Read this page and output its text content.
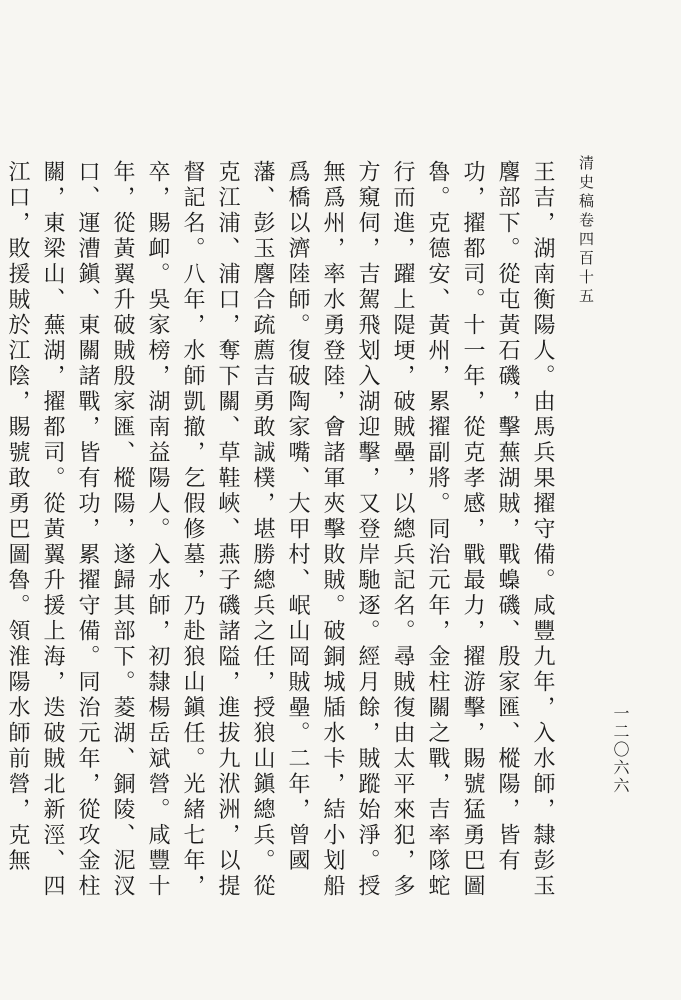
清史稿卷四百十五
一二〇六六

王吉，湖南衡陽人。由馬兵果擢守備。咸豐九年，入水師，隸彭玉麐部下。從屯黃石磯，擊蕪湖賊，戰蟂磯、殷家匯、樅陽，皆有功，擢都司。十一年，從克孝感，戰最力，擢游擊，賜號猛勇巴圖魯。克德安、黃州，累擢副將。同治元年，金柱關之戰，吉率隊蛇行而進，躍上隄埂，破賊壘，以總兵記名。尋賊復由太平來犯，多方窺伺，吉駕飛划入湖迎擊，又登岸馳逐。經月餘，賊蹤始淨。授無爲州，率水勇登陸，會諸軍夾擊敗賊。破銅城牐水卡，結小划船爲橋以濟陸師。復破陶家嘴、大甲村、岷山岡賊壘。二年，曾國藩、彭玉麐合疏薦吉勇敢誠樸，堪勝總兵之任，授狼山鎭總兵。從克江浦、浦口，奪下關、草鞋峽、燕子磯諸隘，進拔九洑洲，以提督記名。八年，水師凱撤，乞假修墓，乃赴狼山鎭任。光緒七年，卒，賜卹。吳家榜，湖南益陽人。入水師，初隸楊岳斌營。咸豐十年，從黃翼升破賊殷家匯、樅陽，遂歸其部下。菱湖、銅陵、泥汊口、運漕鎭、東關諸戰，皆有功，累擢守備。同治元年，從攻金柱關，東梁山、蕪湖，擢都司。從黃翼升援上海，迭破賊北新涇、四江口，敗援賊於江陰，賜號敢勇巴圖魯。領淮陽水師前營，克無
